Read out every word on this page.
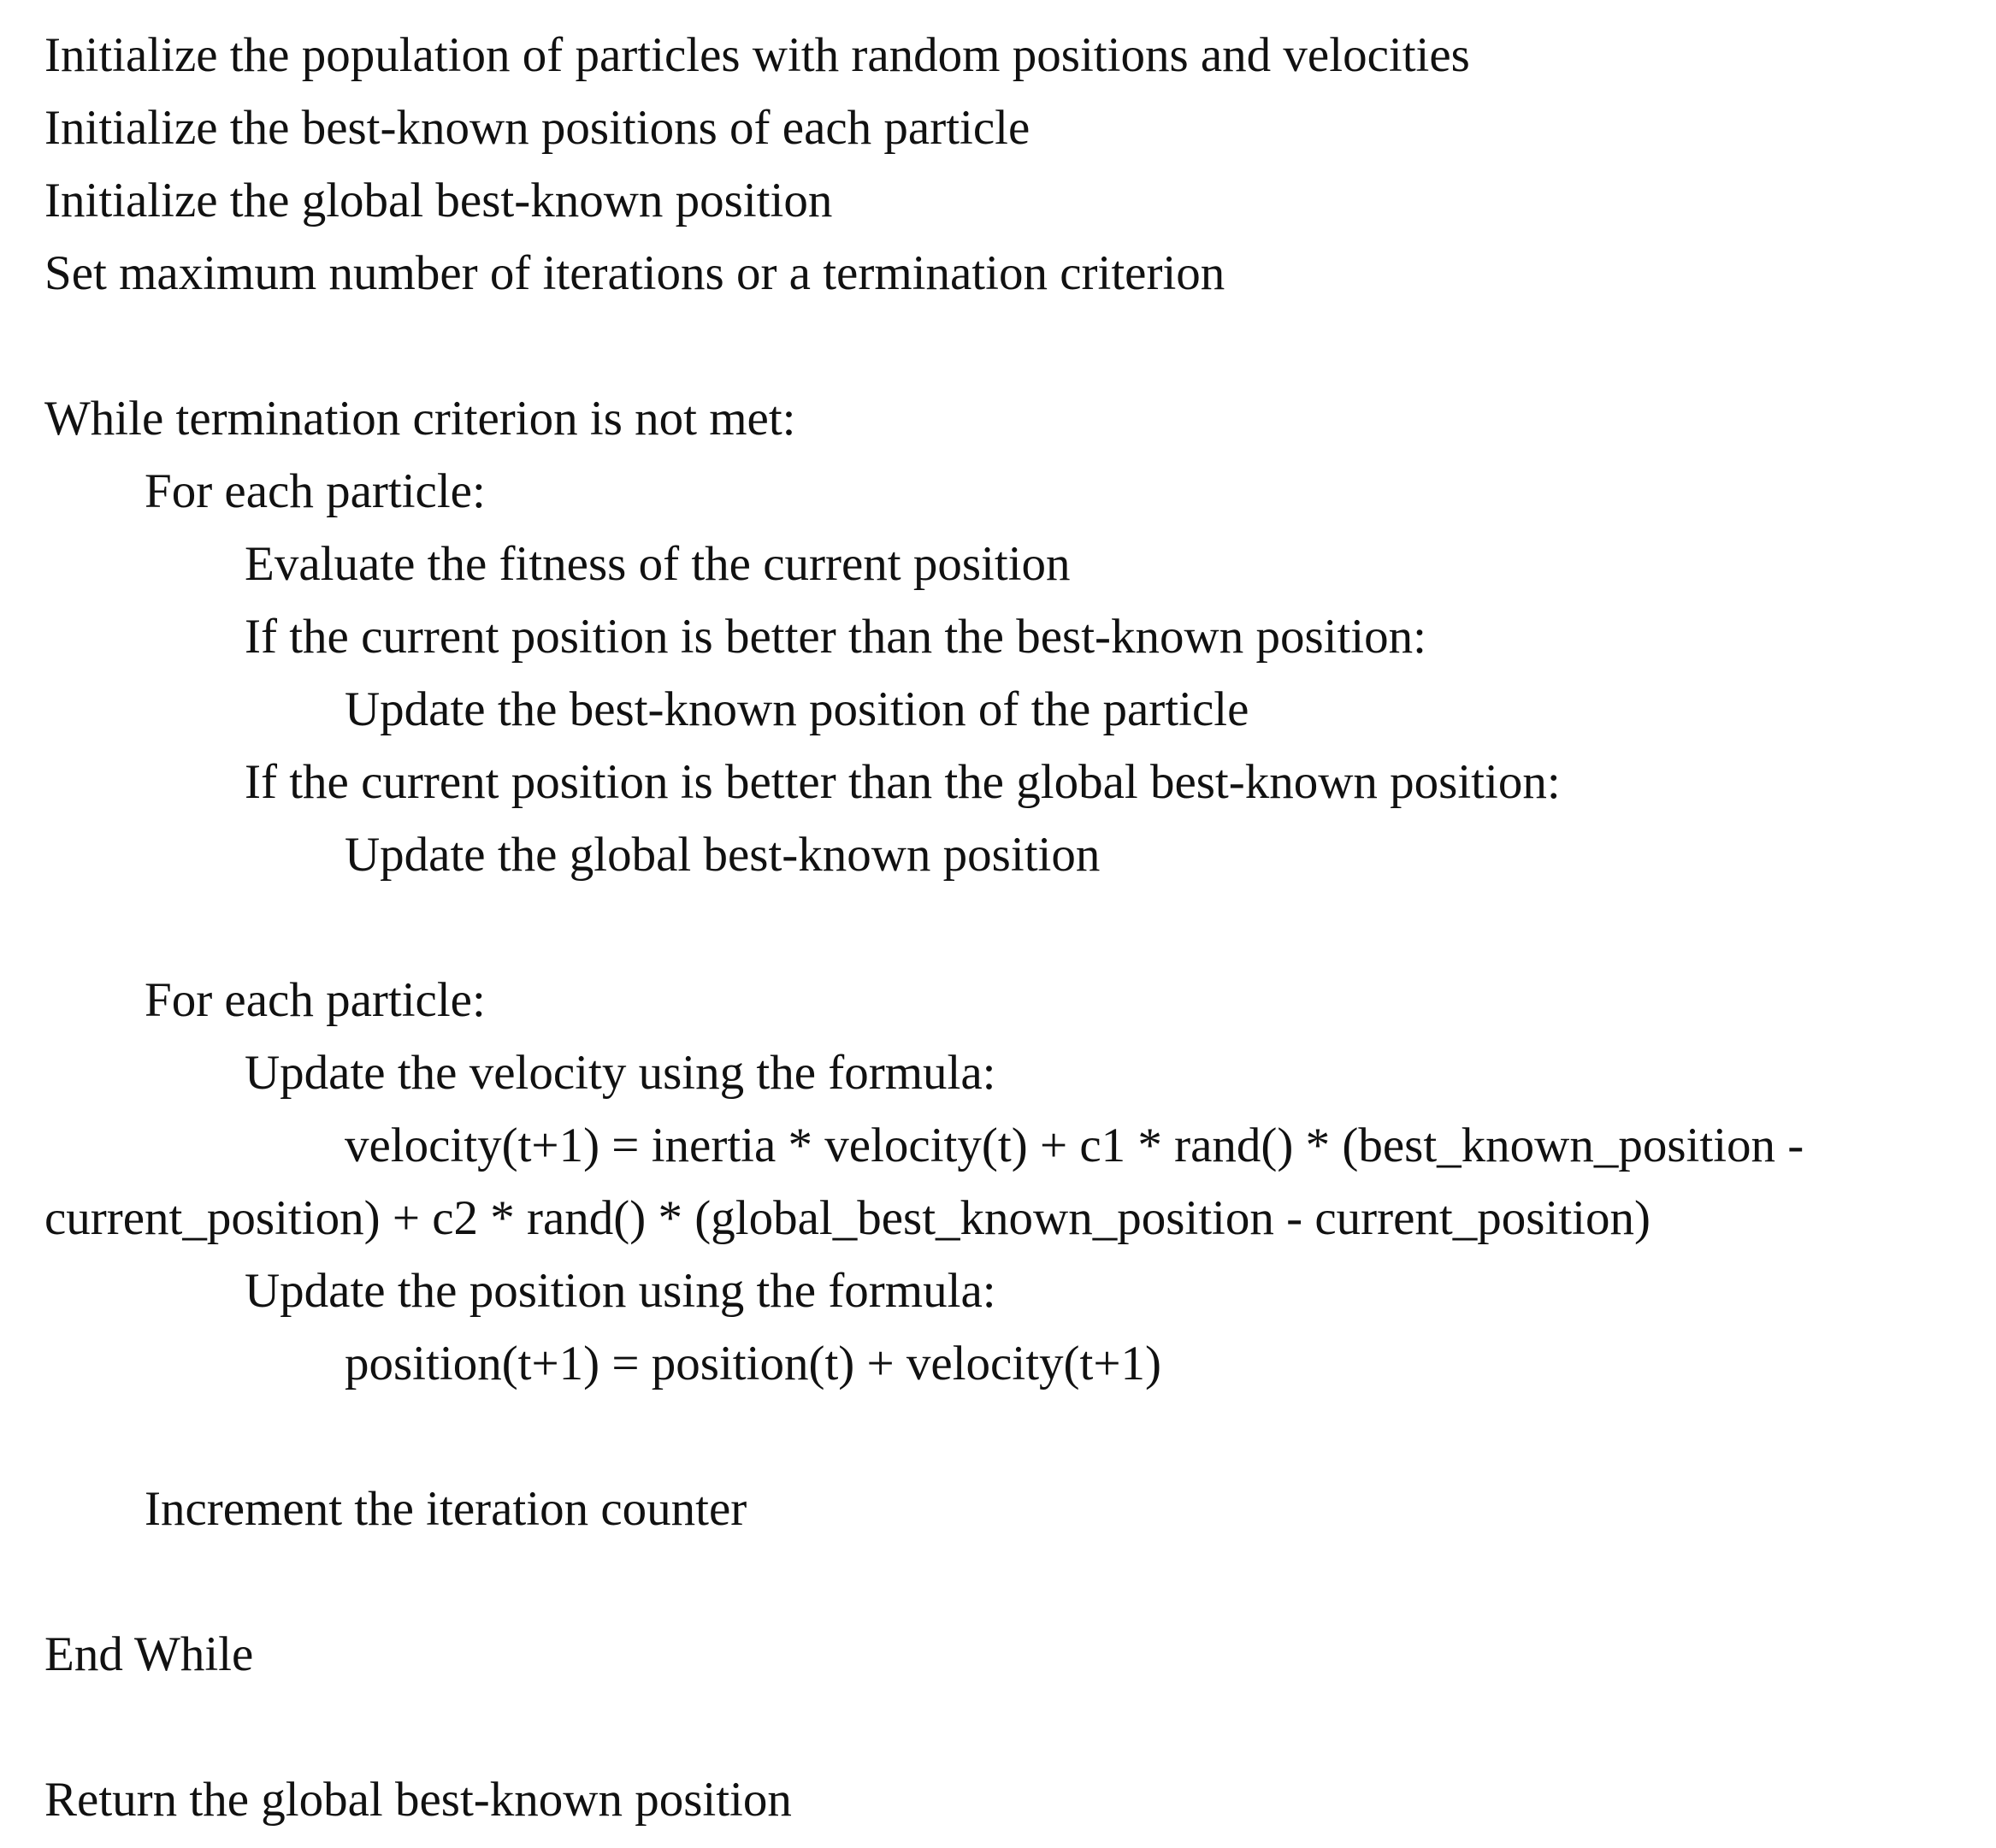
Initialize the population of particles with random positions and velocities
Initialize the best-known positions of each particle
Initialize the global best-known position
Set maximum number of iterations or a termination criterion
While termination criterion is not met:
For each particle:
Evaluate the fitness of the current position
If the current position is better than the best-known position:
Update the best-known position of the particle
If the current position is better than the global best-known position:
Update the global best-known position
For each particle:
Update the velocity using the formula:
velocity(t+1) = inertia * velocity(t) + c1 * rand() * (best_known_position -
current_position) + c2 * rand() * (global_best_known_position - current_position)
Update the position using the formula:
position(t+1) = position(t) + velocity(t+1)
Increment the iteration counter
End While
Return the global best-known position
